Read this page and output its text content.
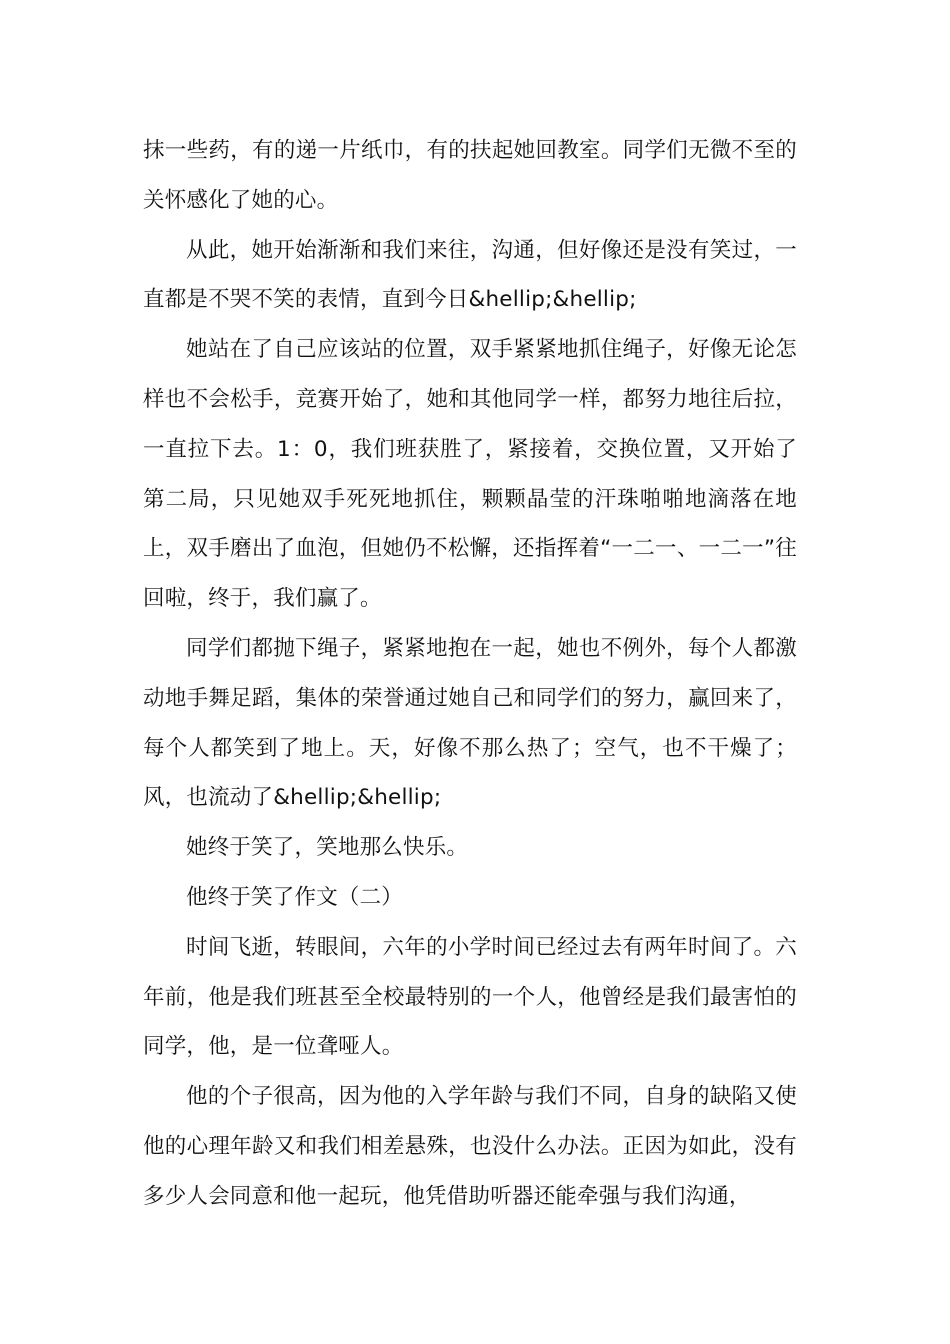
抹一些药，有的递一片纸巾，有的扶起她回教室。同学们无微不至的关怀感化了她的心。

从此，她开始渐渐和我们来往，沟通，但好像还是没有笑过，一直都是不哭不笑的表情，直到今日&hellip;&hellip;

她站在了自己应该站的位置，双手紧紧地抓住绳子，好像无论怎样也不会松手，竞赛开始了，她和其他同学一样，都努力地往后拉，一直拉下去。1：0，我们班获胜了，紧接着，交换位置，又开始了第二局，只见她双手死死地抓住，颗颗晶莹的汗珠啪啪地滴落在地上，双手磨出了血泡，但她仍不松懈，还指挥着“一二一、一二一”往回啦，终于，我们赢了。

同学们都抛下绳子，紧紧地抱在一起，她也不例外，每个人都激动地手舞足蹈，集体的荣誉通过她自己和同学们的努力，赢回来了，每个人都笑到了地上。天，好像不那么热了；空气，也不干燥了；风，也流动了&hellip;&hellip;

她终于笑了，笑地那么快乐。

他终于笑了作文（二）

时间飞逝，转眼间，六年的小学时间已经过去有两年时间了。六年前，他是我们班甚至全校最特别的一个人，他曾经是我们最害怕的同学，他，是一位聋哑人。

他的个子很高，因为他的入学年龄与我们不同，自身的缺陷又使他的心理年龄又和我们相差悬殊，也没什么办法。正因为如此，没有多少人会同意和他一起玩，他凭借助听器还能牵强与我们沟通，
